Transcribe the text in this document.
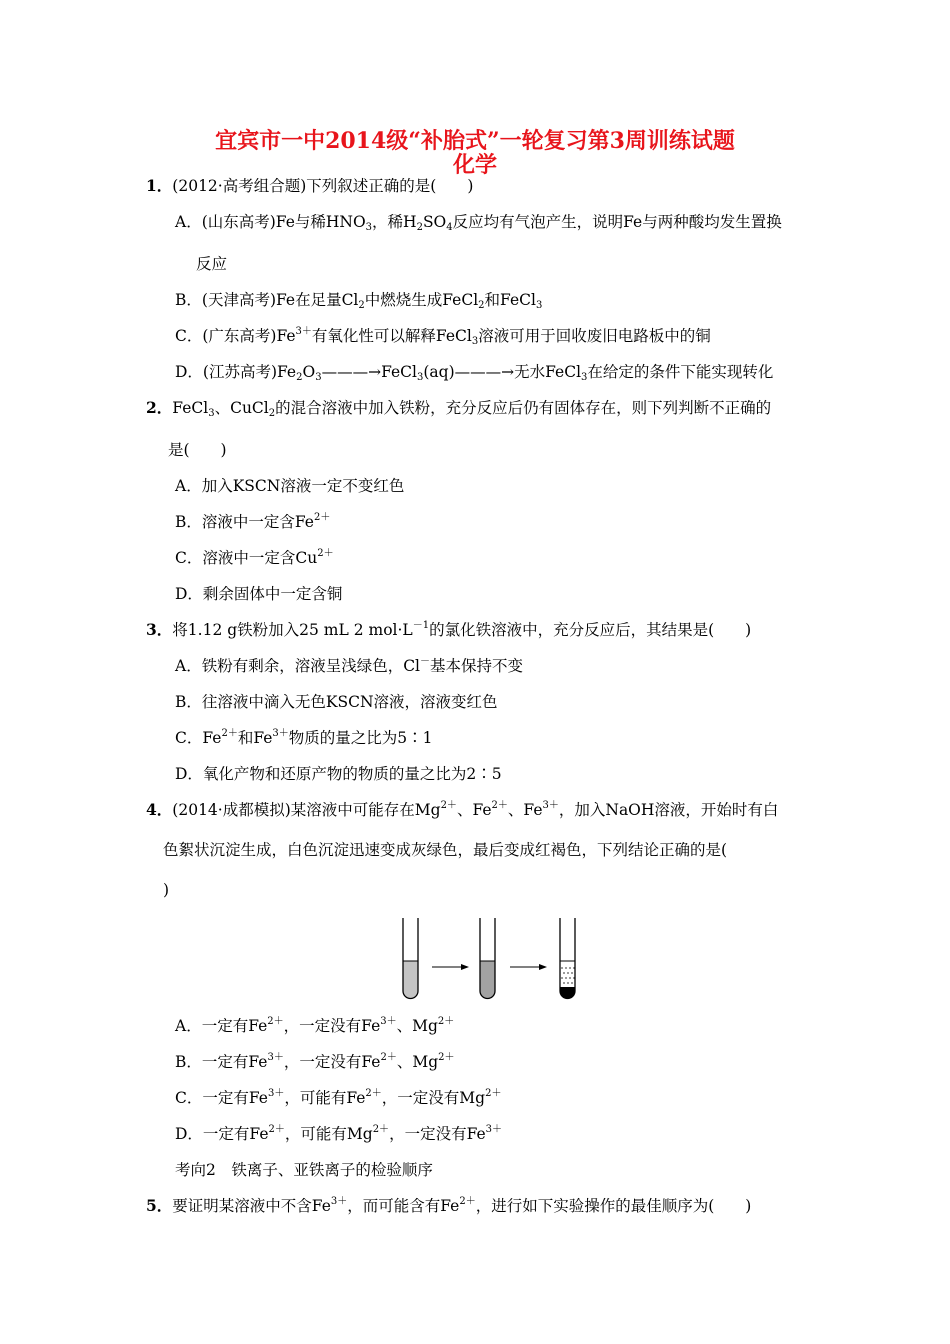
宜宾市一中2014级“补胎式”一轮复习第3周训练试题
化学
1．(2012·高考组合题)下列叙述正确的是(　　)
A．(山东高考)Fe与稀$HNO_3$，稀$H_2SO_4$反应均有气泡产生，说明Fe与两种酸均发生置换
反应
B．(天津高考)Fe在足量$Cl_2$中燃烧生成FeCl$_2$和FeCl$_3$
C．(广东高考)$Fe^{3+}$有氧化性可以解释FeCl$_3$溶液可用于回收废旧电路板中的铜
D．(江苏高考)$Fe_2O_3———\to FeCl_3(aq)———\to$无水FeCl$_3$在给定的条件下能实现转化
2．FeCl$_3$、CuCl$_2$的混合溶液中加入铁粉，充分反应后仍有固体存在，则下列判断不正确的
是(　　)
A．加入KSCN溶液一定不变红色
B．溶液中一定含$Fe^{2+}$
C．溶液中一定含$Cu^{2+}$
D．剩余固体中一定含铜
3．将1.12 g铁粉加入25 mL 2 $mol\cdot L^{-1}$的氯化铁溶液中，充分反应后，其结果是(　　)
A．铁粉有剩余，溶液呈浅绿色，Cl－基本保持不变
B．往溶液中滴入无色KSCN溶液，溶液变红色
C．$Fe^{2+}$和$Fe^{3+}$物质的量之比为5∶1
D．氧化产物和还原产物的物质的量之比为2∶5
4．(2014·成都模拟)某溶液中可能存在$Mg^{2+}$、$Fe^{2+}$、$Fe^{3+}$，加入NaOH溶液，开始时有白
色絮状沉淀生成，白色沉淀迅速变成灰绿色，最后变成红褐色，下列结论正确的是(
)
A．一定有$Fe^{2+}$，一定没有$Fe^{3+}$、$Mg^{2+}$
B．一定有$Fe^{3+}$，一定没有$Fe^{2+}$、$Mg^{2+}$
C．一定有$Fe^{3+}$，可能有$Fe^{2+}$，一定没有$Mg^{2+}$
D．一定有$Fe^{2+}$，可能有$Mg^{2+}$，一定没有$Fe^{3+}$
考向2　铁离子、亚铁离子的检验顺序
5．要证明某溶液中不含$Fe^{3+}$，而可能含有$Fe^{2+}$，进行如下实验操作的最佳顺序为(　　)
